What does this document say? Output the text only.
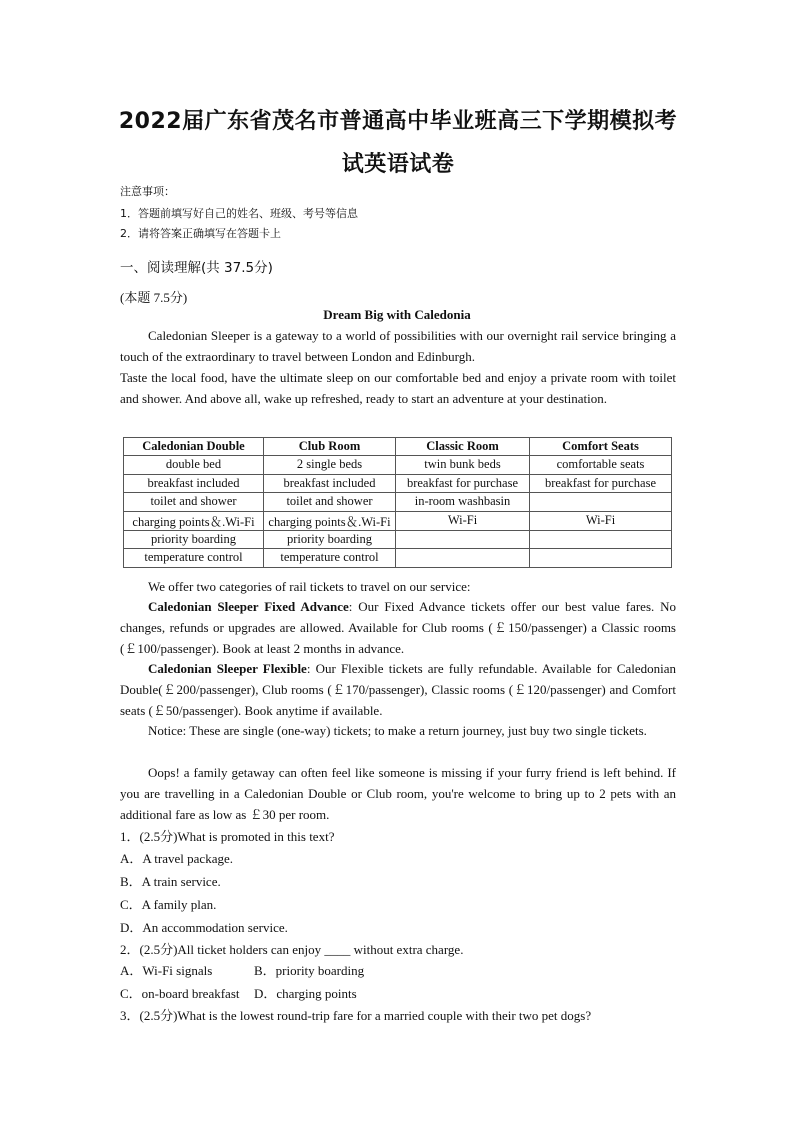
2022届广东省茂名市普通高中毕业班高三下学期模拟考
试英语试卷
注意事项：
1．答题前填写好自己的姓名、班级、考号等信息
2．请将答案正确填写在答题卡上
一、阅读理解(共 37.5分)
(本题 7.5分)
Dream Big with Caledonia
Caledonian Sleeper is a gateway to a world of possibilities with our overnight rail service bringing a touch of the extraordinary to travel between London and Edinburgh.
Taste the local food, have the ultimate sleep on our comfortable bed and enjoy a private room with toilet and shower. And above all, wake up refreshed, ready to start an adventure at your destination.
Caledonian Double	Club Room	Classic Room	Comfort Seats
double bed	2 single beds	twin bunk beds	comfortable seats
breakfast included	breakfast included	breakfast for purchase	breakfast for purchase
toilet and shower	toilet and shower	in-room washbasin	
charging points＆.Wi-Fi	charging points＆.Wi-Fi	Wi-Fi	Wi-Fi
priority boarding	priority boarding		
temperature control	temperature control		
We offer two categories of rail tickets to travel on our service:
Caledonian Sleeper Fixed Advance: Our Fixed Advance tickets offer our best value fares. No changes, refunds or upgrades are allowed. Available for Club rooms (￡150/passenger) a Classic rooms (￡100/passenger). Book at least 2 months in advance.
Caledonian Sleeper Flexible: Our Flexible tickets are fully refundable. Available for Caledonian Double(￡200/passenger), Club rooms (￡170/passenger), Classic rooms (￡120/passenger) and Comfort seats (￡50/passenger). Book anytime if available.
Notice: These are single (one-way) tickets; to make a return journey, just buy two single tickets.
Oops! a family getaway can often feel like someone is missing if your furry friend is left behind. If you are travelling in a Caledonian Double or Club room, you're welcome to bring up to 2 pets with an additional fare as low as ￡30 per room.
1．(2.5分)What is promoted in this text?
A．A travel package.
B．A train service.
C．A family plan.
D．An accommodation service.
2．(2.5分)All ticket holders can enjoy ____ without extra charge.
A．Wi-Fi signals	B．priority boarding
C．on-board breakfast D．charging points
3．(2.5分)What is the lowest round-trip fare for a married couple with their two pet dogs?
